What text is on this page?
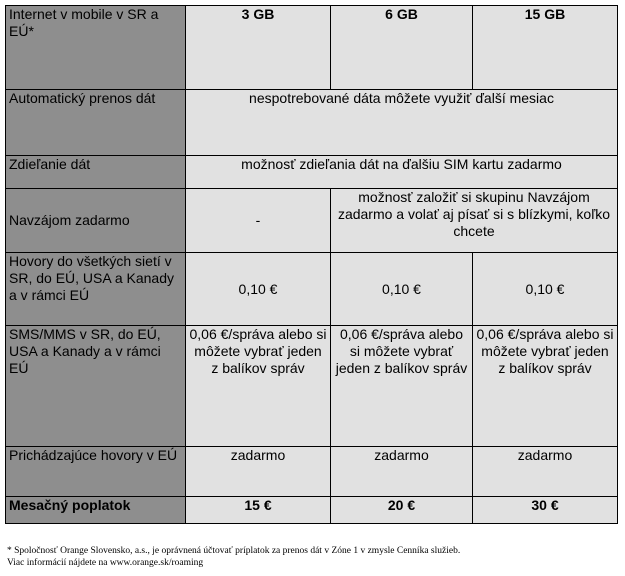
Internet v mobile v SR a EÚ*	3 GB	6 GB	15 GB
Automatický prenos dát	nespotrebované dáta môžete využiť ďalší mesiac		
Zdieľanie dát	možnosť zdieľania dát na ďalšiu SIM kartu zadarmo		
Navzájom zadarmo	-	možnosť založiť si skupinu Navzájom zadarmo a volať aj písať si s blízkymi, koľko chcete	
Hovory do všetkých sietí v SR, do EÚ, USA a Kanady a v rámci EÚ	0,10 €	0,10 €	0,10 €
SMS/MMS v SR, do EÚ, USA a Kanady a v rámci EÚ	0,06 €/správa alebo si môžete vybrať jeden z balíkov správ	0,06 €/správa alebo si môžete vybrať jeden z balíkov správ	0,06 €/správa alebo si môžete vybrať jeden z balíkov správ
Prichádzajúce hovory v EÚ	zadarmo	zadarmo	zadarmo
Mesačný poplatok	15 €	20 €	30 €
* Spoločnosť Orange Slovensko, a.s., je oprávnená účtovať príplatok za prenos dát v Zóne 1 v zmysle Cenníka služieb.
Viac informácií nájdete na www.orange.sk/roaming
